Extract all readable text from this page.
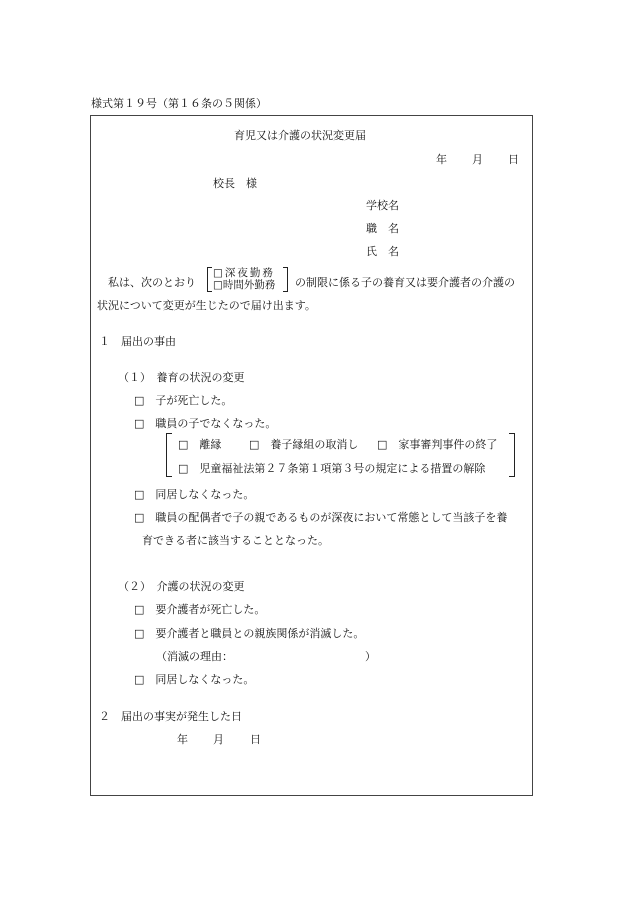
様式第１９号（第１６条の５関係）
育児又は介護の状況変更届
年 月 日
校長　様
学校名
職　名
氏　名
私は、次のとおり
□深夜勤務
□時間外勤務 の制限に係る子の養育又は要介護者の介護の
状況について変更が生じたので届け出ます。
１　届出の事由
（１）　養育の状況の変更
□　子が死亡した。
□　職員の子でなくなった。
□　離縁	□　養子縁組の取消し □　家事審判事件の終了
□　児童福祉法第２７条第１項第３号の規定による措置の解除
□　同居しなくなった。
□　職員の配偶者で子の親であるものが深夜において常態として当該子を養
育できる者に該当することとなった。
（２）　介護の状況の変更
□　要介護者が死亡した。
□　要介護者と職員との親族関係が消滅した。
（消滅の理由：	）
□　同居しなくなった。
２　届出の事実が発生した日
年 月 日
